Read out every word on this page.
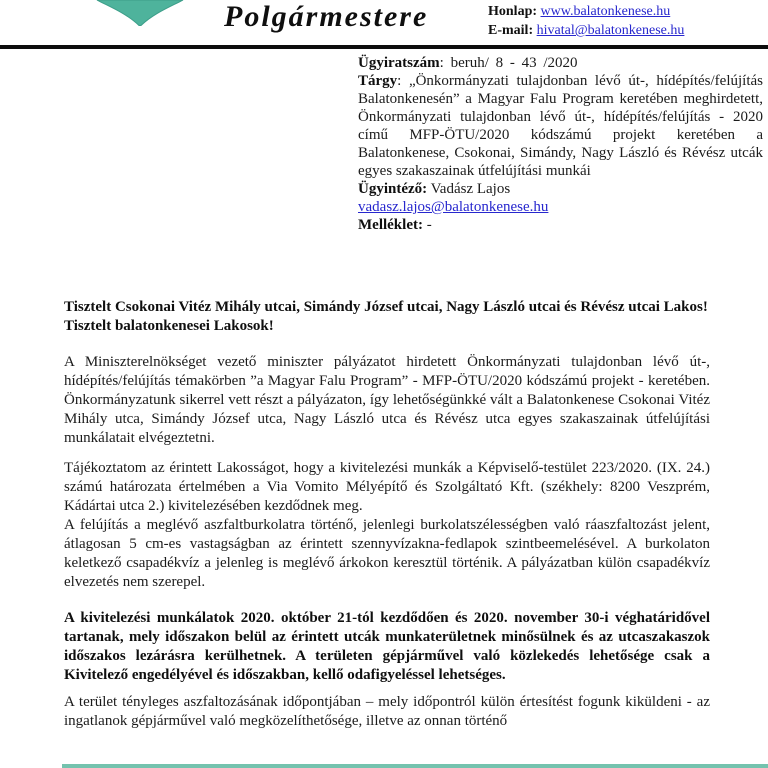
Polgármestere	Honlap: www.balatonkenese.hu
E-mail: hivatal@balatonkenese.hu

Ügyiratszám: beruh/ 8 - 43 /2020

Tárgy: „Önkormányzati tulajdonban lévő út-, hídépítés/felújítás Balatonkenesén” a Magyar Falu Program keretében meghirdetett, Önkormányzati tulajdonban lévő út-, hídépítés/felújítás - 2020 című MFP-ÖTU/2020 kódszámú projekt keretében a Balatonkenese, Csokonai, Simándy, Nagy László és Révész utcák egyes szakaszainak útfelújítási munkái

Ügyintéző: Vadász Lajos

vadasz.lajos@balatonkenese.hu

Melléklet: -

Tisztelt Csokonai Vitéz Mihály utcai, Simándy József utcai, Nagy László utcai és Révész utcai Lakos!

Tisztelt balatonkenesei Lakosok!

A Miniszterelnökséget vezető miniszter pályázatot hirdetett Önkormányzati tulajdonban lévő út-, hídépítés/felújítás témakörben ”a Magyar Falu Program” - MFP-ÖTU/2020 kódszámú projekt - keretében. Önkormányzatunk sikerrel vett részt a pályázaton, így lehetőségünkké vált a Balatonkenese Csokonai Vitéz Mihály utca, Simándy József utca, Nagy László utca és Révész utca egyes szakaszainak útfelújítási munkálatait elvégeztetni.

Tájékoztatom az érintett Lakosságot, hogy a kivitelezési munkák a Képviselő-testület 223/2020. (IX. 24.) számú határozata értelmében a Via Vomito Mélyépítő és Szolgáltató Kft. (székhely: 8200 Veszprém, Kádártai utca 2.) kivitelezésében kezdődnek meg.

A felújítás a meglévő aszfaltburkolatra történő, jelenlegi burkolatszélességben való ráaszfaltozást jelent, átlagosan 5 cm-es vastagságban az érintett szennyvízakna-fedlapok szintbeemelésével. A burkolaton keletkező csapadékvíz a jelenleg is meglévő árkokon keresztül történik. A pályázatban külön csapadékvíz elvezetés nem szerepel.

A kivitelezési munkálatok 2020. október 21-tól kezdődően és 2020. november 30-i véghatáridővel tartanak, mely időszakon belül az érintett utcák munkaterületnek minősülnek és az utcaszakaszok időszakos lezárásra kerülhetnek. A területen gépjárművel való közlekedés lehetősége csak a Kivitelező engedélyével és időszakban, kellő odafigyeléssel lehetséges.

A terület tényleges aszfaltozásának időpontjában – mely időpontról külön értesítést fogunk kiküldeni - az ingatlanok gépjárművel való megközelíthetősége, illetve az onnan történő
